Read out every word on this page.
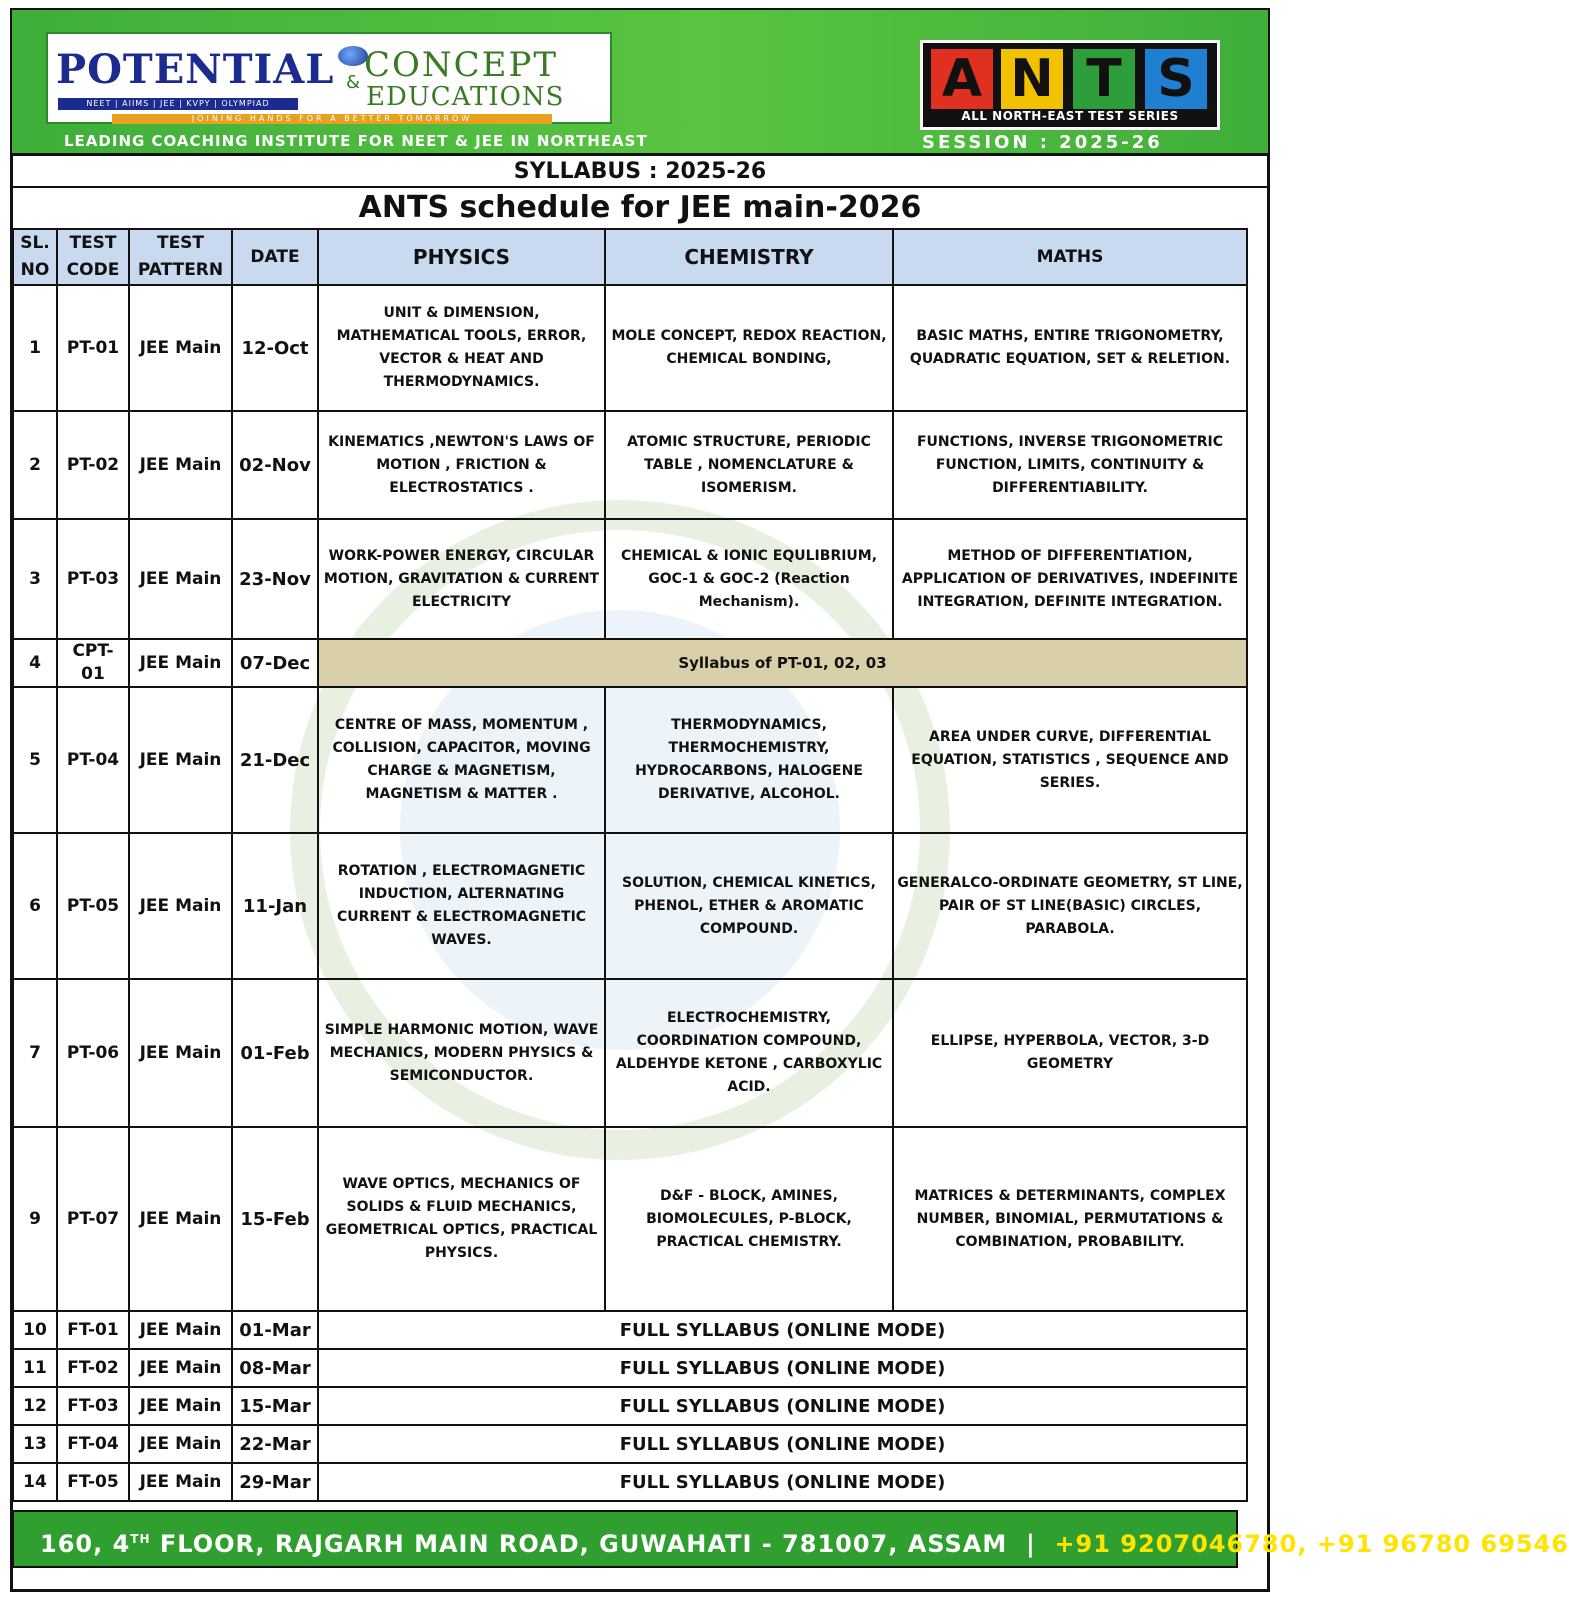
POTENTIAL & CONCEPT
EDUCATIONS
NEET | AIIMS | JEE | KVPY | OLYMPIAD
JOINING HANDS FOR A BETTER TOMORROW
LEADING COACHING INSTITUTE FOR NEET & JEE IN NORTHEAST
A N T S
ALL NORTH-EAST TEST SERIES
SESSION : 2025-26
SYLLABUS : 2025-26
ANTS schedule for JEE main-2026
SL. NO	TEST CODE	TEST PATTERN	DATE	PHYSICS	CHEMISTRY	MATHS
1	PT-01	JEE Main	12-Oct	UNIT & DIMENSION, MATHEMATICAL TOOLS, ERROR, VECTOR & HEAT AND THERMODYNAMICS.	MOLE CONCEPT, REDOX REACTION, CHEMICAL BONDING,	BASIC MATHS, ENTIRE TRIGONOMETRY, QUADRATIC EQUATION, SET & RELETION.
2	PT-02	JEE Main	02-Nov	KINEMATICS ,NEWTON'S LAWS OF MOTION , FRICTION & ELECTROSTATICS .	ATOMIC STRUCTURE, PERIODIC TABLE , NOMENCLATURE & ISOMERISM.	FUNCTIONS, INVERSE TRIGONOMETRIC FUNCTION, LIMITS, CONTINUITY & DIFFERENTIABILITY.
3	PT-03	JEE Main	23-Nov	WORK-POWER ENERGY, CIRCULAR MOTION, GRAVITATION & CURRENT ELECTRICITY	CHEMICAL & IONIC EQULIBRIUM, GOC-1 & GOC-2 (Reaction Mechanism).	METHOD OF DIFFERENTIATION, APPLICATION OF DERIVATIVES, INDEFINITE INTEGRATION, DEFINITE INTEGRATION.
4	CPT-01	JEE Main	07-Dec	Syllabus of PT-01, 02, 03		
5	PT-04	JEE Main	21-Dec	CENTRE OF MASS, MOMENTUM , COLLISION, CAPACITOR, MOVING CHARGE & MAGNETISM, MAGNETISM & MATTER .	THERMODYNAMICS, THERMOCHEMISTRY, HYDROCARBONS, HALOGENE DERIVATIVE, ALCOHOL.	AREA UNDER CURVE, DIFFERENTIAL EQUATION, STATISTICS , SEQUENCE AND SERIES.
6	PT-05	JEE Main	11-Jan	ROTATION , ELECTROMAGNETIC INDUCTION, ALTERNATING CURRENT & ELECTROMAGNETIC WAVES.	SOLUTION, CHEMICAL KINETICS, PHENOL, ETHER & AROMATIC COMPOUND.	GENERALCO-ORDINATE GEOMETRY, ST LINE, PAIR OF ST LINE(BASIC) CIRCLES, PARABOLA.
7	PT-06	JEE Main	01-Feb	SIMPLE HARMONIC MOTION, WAVE MECHANICS, MODERN PHYSICS & SEMICONDUCTOR.	ELECTROCHEMISTRY, COORDINATION COMPOUND, ALDEHYDE KETONE , CARBOXYLIC ACID.	ELLIPSE, HYPERBOLA, VECTOR, 3-D GEOMETRY
9	PT-07	JEE Main	15-Feb	WAVE OPTICS, MECHANICS OF SOLIDS & FLUID MECHANICS, GEOMETRICAL OPTICS, PRACTICAL PHYSICS.	D&F - BLOCK, AMINES, BIOMOLECULES, P-BLOCK, PRACTICAL CHEMISTRY.	MATRICES & DETERMINANTS, COMPLEX NUMBER, BINOMIAL, PERMUTATIONS & COMBINATION, PROBABILITY.
10	FT-01	JEE Main	01-Mar	FULL SYLLABUS (ONLINE MODE)		
11	FT-02	JEE Main	08-Mar	FULL SYLLABUS (ONLINE MODE)		
12	FT-03	JEE Main	15-Mar	FULL SYLLABUS (ONLINE MODE)		
13	FT-04	JEE Main	22-Mar	FULL SYLLABUS (ONLINE MODE)		
14	FT-05	JEE Main	29-Mar	FULL SYLLABUS (ONLINE MODE)		
160, 4TH FLOOR, RAJGARH MAIN ROAD, GUWAHATI - 781007, ASSAM  |  +91 9207046780, +91 96780 69546
